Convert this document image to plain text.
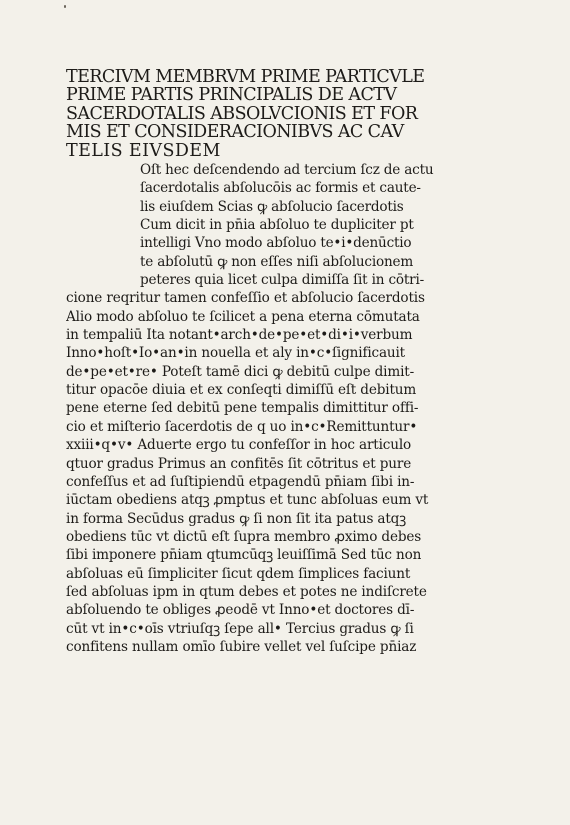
TERCIVM MEMBRVM PRIME PARTICVLE
PRIME PARTIS PRINCIPALIS DE ACTV
SACERDOTALIS ABSOLVCIONIS ET FOR
MIS ET CONSIDERACIONIBVS AC CAV
TELIS EIVSDEM
Oſt hec deſcendendo ad tercium ſcz de actu
ſacerdotalis abſolucōis ac formis et caute-
lis eiuſdem Scias ꝙ abſolucio ſacerdotis
Cum dicit in pn̄ia abſoluo te dupliciter pt
intelligi Vno modo abſoluo te•i•denūctio
te abſolutū ꝙ non eſſes niſi abſolucionem
peteres quia licet culpa dimiſſa ſit in cōtri-
cione reqritur tamen confeſſio et abſolucio ſacerdotis
Alio modo abſoluo te ſcilicet a pena eterna cōmutata
in tempaliū Ita notant•arch•de•pe•et•di•i•verbum
Inno•hoſt•Io•an•in nouella et aly in•c•ſignificauit
de•pe•et•re• Poteſt tamē dici ꝙ debitū culpe dimit-
titur opacōe diuia et ex conſeqti dimiſſū eſt debitum
pene eterne ſed debitū pene tempalis dimittitur offi-
cio et miſterio ſacerdotis de q uo in•c•Remittuntur•
xxiii•q•v• Aduerte ergo tu confeſſor in hoc articulo
qtuor gradus Primus an confitēs ſit cōtritus et pure
confeſſus et ad ſuſtipiendū etpagendū pn̄iam ſibi in-
iūctam obediens atqꝫ ꝓmptus et tunc abſoluas eum vt
in forma Secūdus gradus ꝙ ſi non ſit ita patus atqꝫ
obediens tūc vt dictū eſt ſupra membro ꝓximo debes
ſibi imponere pn̄iam qtumcūqꝫ leuiſſimā Sed tūc non
abſoluas eū ſimpliciter ſicut qdem ſimplices faciunt
ſed abſoluas ipm in qtum debes et potes ne indiſcrete
abſoluendo te obliges ꝓeodē vt Inno•et doctores dī-
cūt vt in•c•oīs vtriuſqꝫ ſepe all• Tercius gradus ꝙ ſi
confitens nullam omīo ſubire vellet vel ſuſcipe pn̄iaz
